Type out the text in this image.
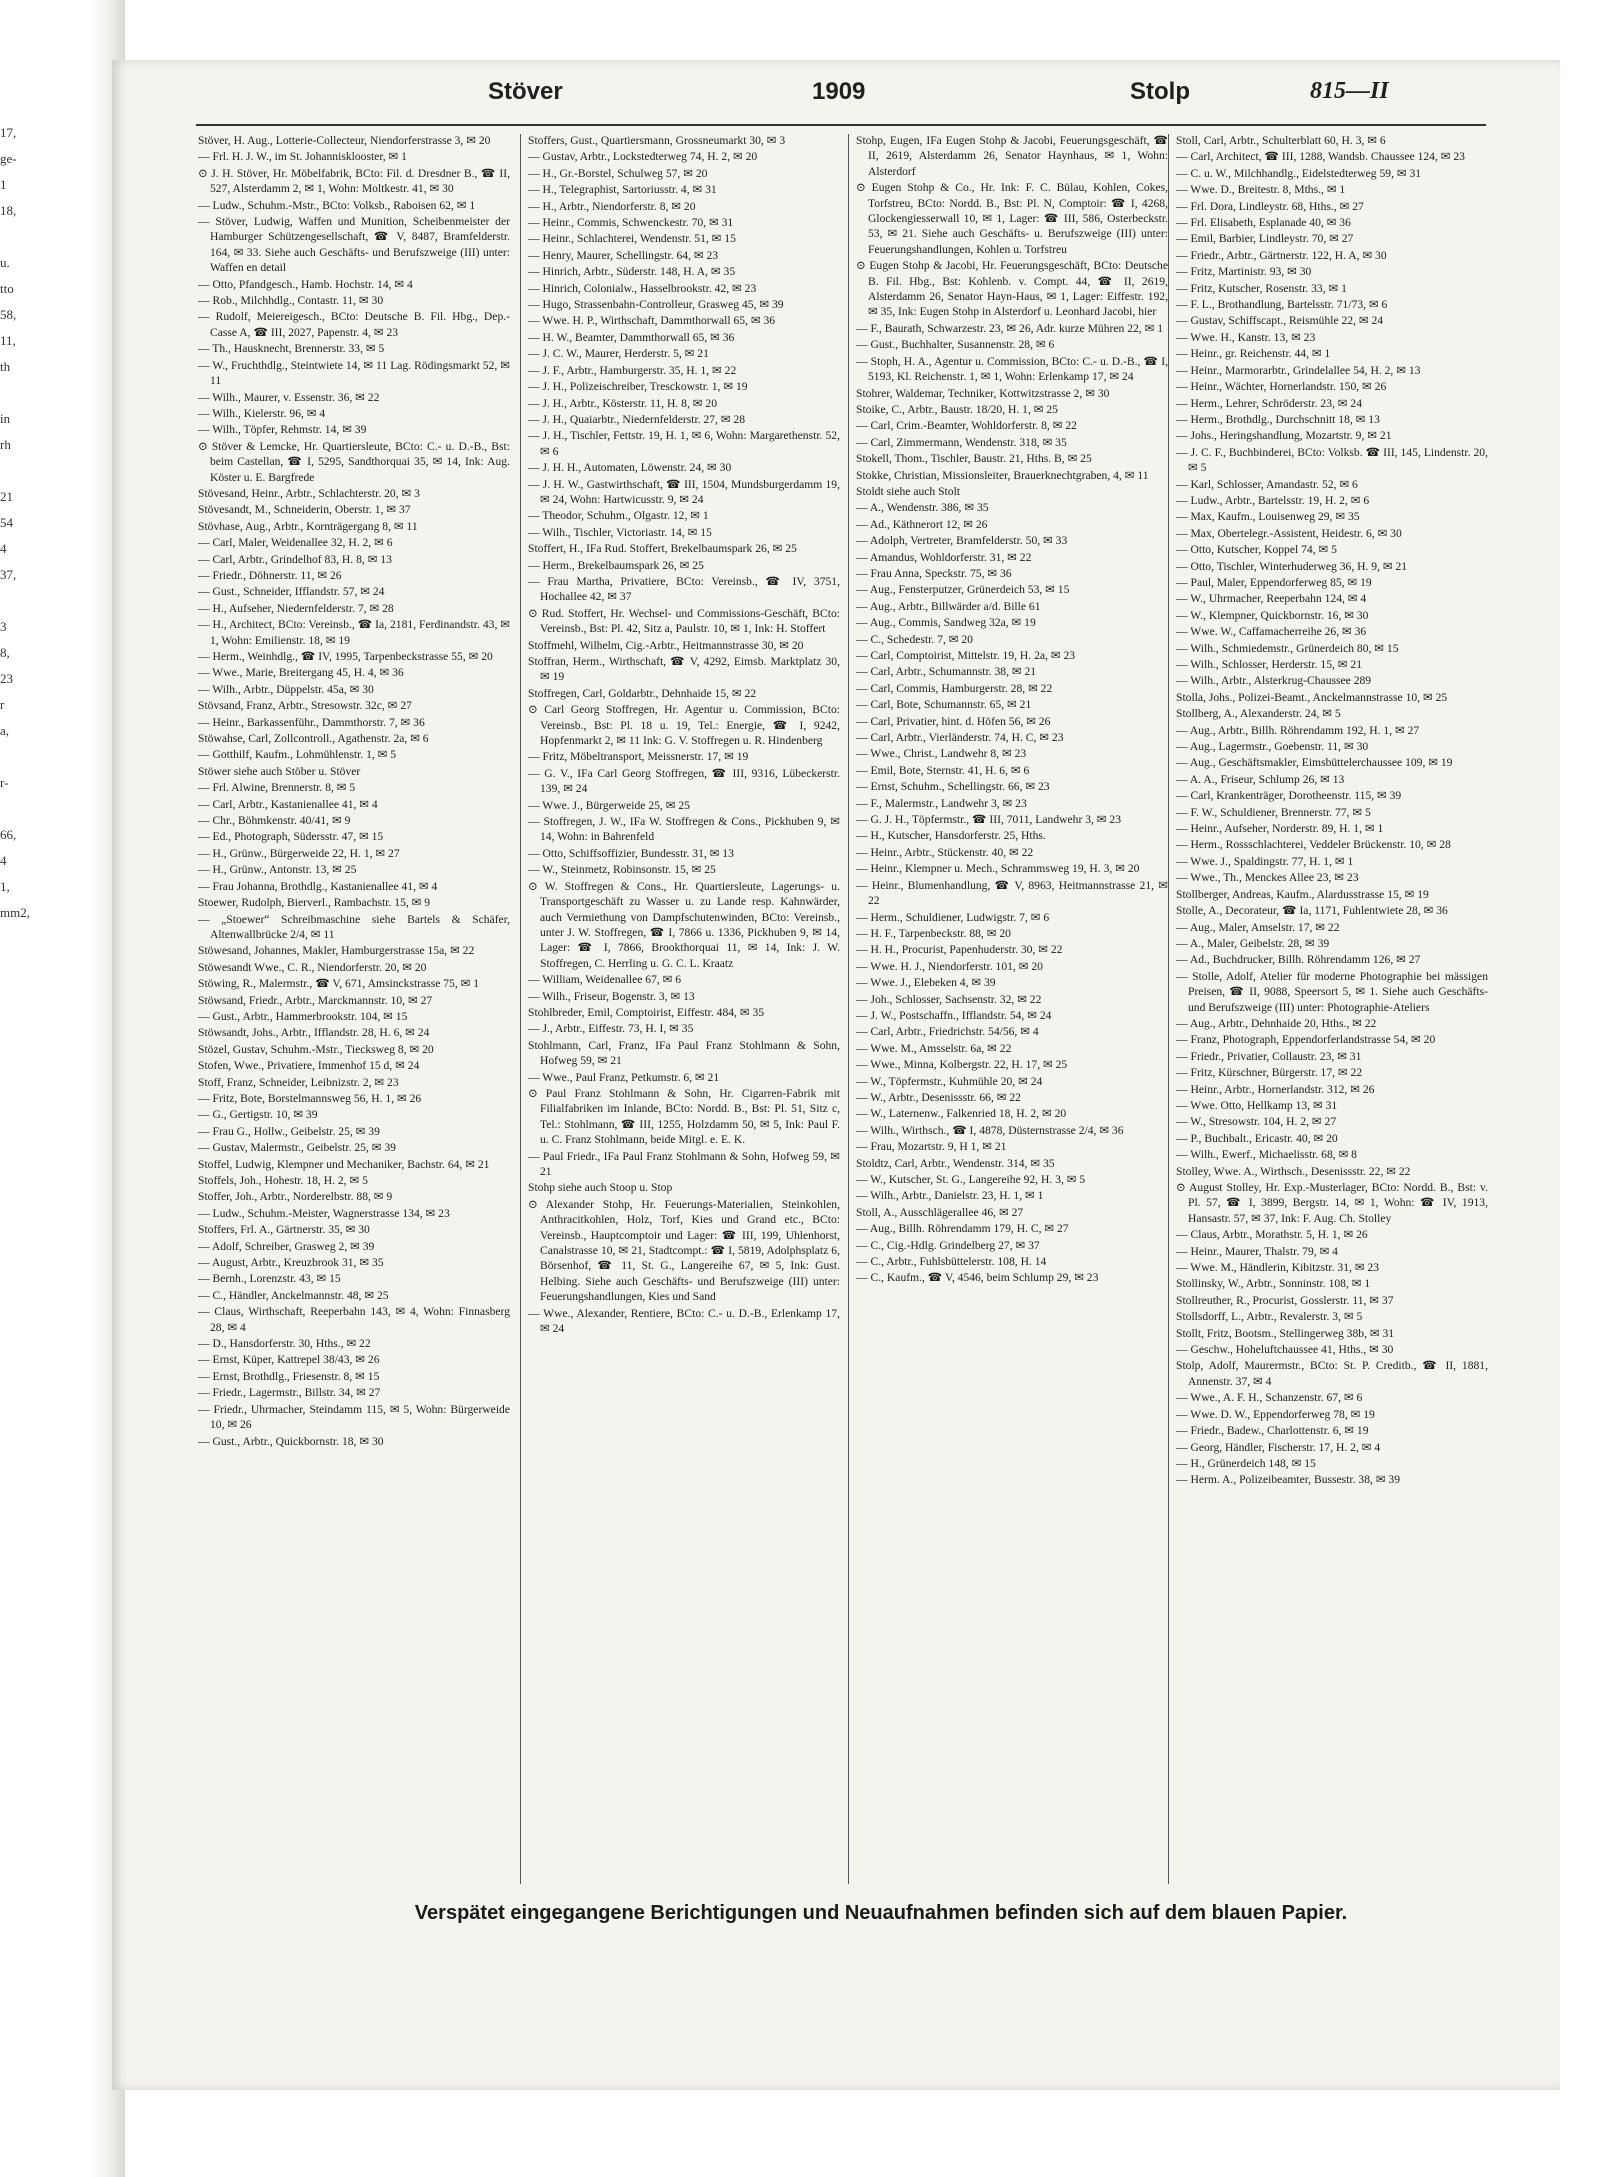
17,
ge-
1
18,
u.
tto
58,
11,
th
in
rh
21
54
4
37,
3
8,
23
r
a,
r-
66,
4
1,
mm2,
Stöver	1909	Stolp	815—II
Stöver, H. Aug., Lotterie-Collecteur, Niendorferstrasse 3, ✉ 20
— Frl. H. J. W., im St. Johannisklooster, ✉ 1
⊙ J. H. Stöver, Hr. Möbelfabrik, BCto: Fil. d. Dresdner B., ☎ II, 527, Alsterdamm 2, ✉ 1, Wohn: Moltkestr. 41, ✉ 30
— Ludw., Schuhm.-Mstr., BCto: Volksb., Raboisen 62, ✉ 1
— Stöver, Ludwig, Waffen und Munition, Scheibenmeister der Hamburger Schützengesellschaft, ☎ V, 8487, Bramfelderstr. 164, ✉ 33. Siehe auch Geschäfts- und Berufszweige (III) unter: Waffen en detail
— Otto, Pfandgesch., Hamb. Hochstr. 14, ✉ 4
— Rob., Milchhdlg., Contastr. 11, ✉ 30
— Rudolf, Meiereigesch., BCto: Deutsche B. Fil. Hbg., Dep.-Casse A, ☎ III, 2027, Papenstr. 4, ✉ 23
— Th., Hausknecht, Brennerstr. 33, ✉ 5
— W., Fruchthdlg., Steintwiete 14, ✉ 11 Lag. Rödingsmarkt 52, ✉ 11
— Wilh., Maurer, v. Essenstr. 36, ✉ 22
— Wilh., Kielerstr. 96, ✉ 4
— Wilh., Töpfer, Rehmstr. 14, ✉ 39
⊙ Stöver & Lemcke, Hr. Quartiersleute, BCto: C.- u. D.-B., Bst: beim Castellan, ☎ I, 5295, Sandthorquai 35, ✉ 14, Ink: Aug. Köster u. E. Bargfrede
Stövesand, Heinr., Arbtr., Schlachterstr. 20, ✉ 3
Stövesandt, M., Schneiderin, Oberstr. 1, ✉ 37
Stövhase, Aug., Arbtr., Kornträgergang 8, ✉ 11
— Carl, Maler, Weidenallee 32, H. 2, ✉ 6
— Carl, Arbtr., Grindelhof 83, H. 8, ✉ 13
— Friedr., Döhnerstr. 11, ✉ 26
— Gust., Schneider, Ifflandstr. 57, ✉ 24
— H., Aufseher, Niedernfelderstr. 7, ✉ 28
— H., Architect, BCto: Vereinsb., ☎ Ia, 2181, Ferdinandstr. 43, ✉ 1, Wohn: Emilienstr. 18, ✉ 19
— Herm., Weinhdlg., ☎ IV, 1995, Tarpenbeckstrasse 55, ✉ 20
— Wwe., Marie, Breitergang 45, H. 4, ✉ 36
— Wilh., Arbtr., Düppelstr. 45a, ✉ 30
Stövsand, Franz, Arbtr., Stresowstr. 32c, ✉ 27
— Heinr., Barkassenführ., Dammthorstr. 7, ✉ 36
Stöwahse, Carl, Zollcontroll., Agathenstr. 2a, ✉ 6
— Gotthilf, Kaufm., Lohmühlenstr. 1, ✉ 5
Stöwer siehe auch Stöber u. Stöver
— Frl. Alwine, Brennerstr. 8, ✉ 5
— Carl, Arbtr., Kastanienallee 41, ✉ 4
— Chr., Böhmkenstr. 40/41, ✉ 9
— Ed., Photograph, Südersstr. 47, ✉ 15
— H., Grünw., Bürgerweide 22, H. 1, ✉ 27
— H., Grünw., Antonstr. 13, ✉ 25
— Frau Johanna, Brothdlg., Kastanienallee 41, ✉ 4
Stoewer, Rudolph, Bierverl., Rambachstr. 15, ✉ 9
— „Stoewer“ Schreibmaschine siehe Bartels & Schäfer, Altenwallbrücke 2/4, ✉ 11
Stöwesand, Johannes, Makler, Hamburgerstrasse 15a, ✉ 22
Stöwesandt Wwe., C. R., Niendorferstr. 20, ✉ 20
Stöwing, R., Malermstr., ☎ V, 671, Amsinckstrasse 75, ✉ 1
Stöwsand, Friedr., Arbtr., Marckmannstr. 10, ✉ 27
— Gust., Arbtr., Hammerbrookstr. 104, ✉ 15
Stöwsandt, Johs., Arbtr., Ifflandstr. 28, H. 6, ✉ 24
Stözel, Gustav, Schuhm.-Mstr., Tiecksweg 8, ✉ 20
Stofen, Wwe., Privatiere, Immenhof 15 d, ✉ 24
Stoff, Franz, Schneider, Leibnizstr. 2, ✉ 23
— Fritz, Bote, Borstelmannsweg 56, H. 1, ✉ 26
— G., Gertigstr. 10, ✉ 39
— Frau G., Hollw., Geibelstr. 25, ✉ 39
— Gustav, Malermstr., Geibelstr. 25, ✉ 39
Stoffel, Ludwig, Klempner und Mechaniker, Bachstr. 64, ✉ 21
Stoffels, Joh., Hohestr. 18, H. 2, ✉ 5
Stoffer, Joh., Arbtr., Norderelbstr. 88, ✉ 9
— Ludw., Schuhm.-Meister, Wagnerstrasse 134, ✉ 23
Stoffers, Frl. A., Gärtnerstr. 35, ✉ 30
— Adolf, Schreiber, Grasweg 2, ✉ 39
— August, Arbtr., Kreuzbrook 31, ✉ 35
— Bernh., Lorenzstr. 43, ✉ 15
— C., Händler, Anckelmannstr. 48, ✉ 25
— Claus, Wirthschaft, Reeperbahn 143, ✉ 4, Wohn: Finnasberg 28, ✉ 4
— D., Hansdorferstr. 30, Hths., ✉ 22
— Ernst, Küper, Kattrepel 38/43, ✉ 26
— Ernst, Brothdlg., Friesenstr. 8, ✉ 15
— Friedr., Lagermstr., Billstr. 34, ✉ 27
— Friedr., Uhrmacher, Steindamm 115, ✉ 5, Wohn: Bürgerweide 10, ✉ 26
— Gust., Arbtr., Quickbornstr. 18, ✉ 30
Stoffers, Gust., Quartiersmann, Grossneumarkt 30, ✉ 3
— Gustav, Arbtr., Lockstedterweg 74, H. 2, ✉ 20
— H., Gr.-Borstel, Schulweg 57, ✉ 20
— H., Telegraphist, Sartoriusstr. 4, ✉ 31
— H., Arbtr., Niendorferstr. 8, ✉ 20
— Heinr., Commis, Schwenckestr. 70, ✉ 31
— Heinr., Schlachterei, Wendenstr. 51, ✉ 15
— Henry, Maurer, Schellingstr. 64, ✉ 23
— Hinrich, Arbtr., Süderstr. 148, H. A, ✉ 35
— Hinrich, Colonialw., Hasselbrookstr. 42, ✉ 23
— Hugo, Strassenbahn-Controlleur, Grasweg 45, ✉ 39
— Wwe. H. P., Wirthschaft, Dammthorwall 65, ✉ 36
— H. W., Beamter, Dammthorwall 65, ✉ 36
— J. C. W., Maurer, Herderstr. 5, ✉ 21
— J. F., Arbtr., Hamburgerstr. 35, H. 1, ✉ 22
— J. H., Polizeischreiber, Tresckowstr. 1, ✉ 19
— J. H., Arbtr., Kösterstr. 11, H. 8, ✉ 20
— J. H., Quaiarbtr., Niedernfelderstr. 27, ✉ 28
— J. H., Tischler, Fettstr. 19, H. 1, ✉ 6, Wohn: Margarethenstr. 52, ✉ 6
— J. H. H., Automaten, Löwenstr. 24, ✉ 30
— J. H. W., Gastwirthschaft, ☎ III, 1504, Mundsburgerdamm 19, ✉ 24, Wohn: Hartwicusstr. 9, ✉ 24
— Theodor, Schuhm., Olgastr. 12, ✉ 1
— Wilh., Tischler, Victoriastr. 14, ✉ 15
Stoffert, H., IFa Rud. Stoffert, Brekelbaumspark 26, ✉ 25
— Herm., Brekelbaumspark 26, ✉ 25
— Frau Martha, Privatiere, BCto: Vereinsb., ☎ IV, 3751, Hochallee 42, ✉ 37
⊙ Rud. Stoffert, Hr. Wechsel- und Commissions-Geschäft, BCto: Vereinsb., Bst: Pl. 42, Sitz a, Paulstr. 10, ✉ 1, Ink: H. Stoffert
Stoffmehl, Wilhelm, Cig.-Arbtr., Heitmannstrasse 30, ✉ 20
Stoffran, Herm., Wirthschaft, ☎ V, 4292, Eimsb. Marktplatz 30, ✉ 19
Stoffregen, Carl, Goldarbtr., Dehnhaide 15, ✉ 22
⊙ Carl Georg Stoffregen, Hr. Agentur u. Commission, BCto: Vereinsb., Bst: Pl. 18 u. 19, Tel.: Energie, ☎ I, 9242, Hopfenmarkt 2, ✉ 11 Ink: G. V. Stoffregen u. R. Hindenberg
— Fritz, Möbeltransport, Meissnerstr. 17, ✉ 19
— G. V., IFa Carl Georg Stoffregen, ☎ III, 9316, Lübeckerstr. 139, ✉ 24
— Wwe. J., Bürgerweide 25, ✉ 25
— Stoffregen, J. W., IFa W. Stoffregen & Cons., Pickhuben 9, ✉ 14, Wohn: in Bahrenfeld
— Otto, Schiffsoffizier, Bundesstr. 31, ✉ 13
— W., Steinmetz, Robinsonstr. 15, ✉ 25
⊙ W. Stoffregen & Cons., Hr. Quartiersleute, Lagerungs- u. Transportgeschäft zu Wasser u. zu Lande resp. Kahnwärder, auch Vermiethung von Dampfschutenwinden, BCto: Vereinsb., unter J. W. Stoffregen, ☎ I, 7866 u. 1336, Pickhuben 9, ✉ 14, Lager: ☎ I, 7866, Brookthorquai 11, ✉ 14, Ink: J. W. Stoffregen, C. Herrling u. G. C. L. Kraatz
— William, Weidenallee 67, ✉ 6
— Wilh., Friseur, Bogenstr. 3, ✉ 13
Stohlbreder, Emil, Comptoirist, Eiffestr. 484, ✉ 35
— J., Arbtr., Eiffestr. 73, H. I, ✉ 35
Stohlmann, Carl, Franz, IFa Paul Franz Stohlmann & Sohn, Hofweg 59, ✉ 21
— Wwe., Paul Franz, Petkumstr. 6, ✉ 21
⊙ Paul Franz Stohlmann & Sohn, Hr. Cigarren-Fabrik mit Filialfabriken im Inlande, BCto: Nordd. B., Bst: Pl. 51, Sitz c, Tel.: Stohlmann, ☎ III, 1255, Holzdamm 50, ✉ 5, Ink: Paul F. u. C. Franz Stohlmann, beide Mitgl. e. E. K.
— Paul Friedr., IFa Paul Franz Stohlmann & Sohn, Hofweg 59, ✉ 21
Stohp siehe auch Stoop u. Stop
⊙ Alexander Stohp, Hr. Feuerungs-Materialien, Steinkohlen, Anthracitkohlen, Holz, Torf, Kies und Grand etc., BCto: Vereinsb., Hauptcomptoir und Lager: ☎ III, 199, Uhlenhorst, Canalstrasse 10, ✉ 21, Stadtcompt.: ☎ I, 5819, Adolphsplatz 6, Börsenhof, ☎ 11, St. G., Langereihe 67, ✉ 5, Ink: Gust. Helbing. Siehe auch Geschäfts- und Berufszweige (III) unter: Feuerungshandlungen, Kies und Sand
— Wwe., Alexander, Rentiere, BCto: C.- u. D.-B., Erlenkamp 17, ✉ 24
Stohp, Eugen, IFa Eugen Stohp & Jacobi, Feuerungsgeschäft, ☎ II, 2619, Alsterdamm 26, Senator Haynhaus, ✉ 1, Wohn: Alsterdorf
⊙ Eugen Stohp & Co., Hr. Ink: F. C. Bülau, Kohlen, Cokes, Torfstreu, BCto: Nordd. B., Bst: Pl. N, Comptoir: ☎ I, 4268, Glockengiesserwall 10, ✉ 1, Lager: ☎ III, 586, Osterbeckstr. 53, ✉ 21. Siehe auch Geschäfts- u. Berufszweige (III) unter: Feuerungshandlungen, Kohlen u. Torfstreu
⊙ Eugen Stohp & Jacobi, Hr. Feuerungsgeschäft, BCto: Deutsche B. Fil. Hbg., Bst: Kohlenb. v. Compt. 44, ☎ II, 2619, Alsterdamm 26, Senator Hayn-Haus, ✉ 1, Lager: Eiffestr. 192, ✉ 35, Ink: Eugen Stohp in Alsterdorf u. Leonhard Jacobi, hier
— F., Baurath, Schwarzestr. 23, ✉ 26, Adr. kurze Mühren 22, ✉ 1
— Gust., Buchhalter, Susannenstr. 28, ✉ 6
— Stoph, H. A., Agentur u. Commission, BCto: C.- u. D.-B., ☎ I, 5193, Kl. Reichenstr. 1, ✉ 1, Wohn: Erlenkamp 17, ✉ 24
Stohrer, Waldemar, Techniker, Kottwitzstrasse 2, ✉ 30
Stoike, C., Arbtr., Baustr. 18/20, H. 1, ✉ 25
— Carl, Crim.-Beamter, Wohldorferstr. 8, ✉ 22
— Carl, Zimmermann, Wendenstr. 318, ✉ 35
Stokell, Thom., Tischler, Baustr. 21, Hths. B, ✉ 25
Stokke, Christian, Missionsleiter, Brauerknechtgraben, 4, ✉ 11
Stoldt siehe auch Stolt
— A., Wendenstr. 386, ✉ 35
— Ad., Käthnerort 12, ✉ 26
— Adolph, Vertreter, Bramfelderstr. 50, ✉ 33
— Amandus, Wohldorferstr. 31, ✉ 22
— Frau Anna, Speckstr. 75, ✉ 36
— Aug., Fensterputzer, Grünerdeich 53, ✉ 15
— Aug., Arbtr., Billwärder a/d. Bille 61
— Aug., Commis, Sandweg 32a, ✉ 19
— C., Schedestr. 7, ✉ 20
— Carl, Comptoirist, Mittelstr. 19, H. 2a, ✉ 23
— Carl, Arbtr., Schumannstr. 38, ✉ 21
— Carl, Commis, Hamburgerstr. 28, ✉ 22
— Carl, Bote, Schumannstr. 65, ✉ 21
— Carl, Privatier, hint. d. Höfen 56, ✉ 26
— Carl, Arbtr., Vierländerstr. 74, H. C, ✉ 23
— Wwe., Christ., Landwehr 8, ✉ 23
— Emil, Bote, Sternstr. 41, H. 6, ✉ 6
— Ernst, Schuhm., Schellingstr. 66, ✉ 23
— F., Malermstr., Landwehr 3, ✉ 23
— G. J. H., Töpfermstr., ☎ III, 7011, Landwehr 3, ✉ 23
— H., Kutscher, Hansdorferstr. 25, Hths.
— Heinr., Arbtr., Stückenstr. 40, ✉ 22
— Heinr., Klempner u. Mech., Schrammsweg 19, H. 3, ✉ 20
— Heinr., Blumenhandlung, ☎ V, 8963, Heitmannstrasse 21, ✉ 22
— Herm., Schuldiener, Ludwigstr. 7, ✉ 6
— H. F., Tarpenbeckstr. 88, ✉ 20
— H. H., Procurist, Papenhuderstr. 30, ✉ 22
— Wwe. H. J., Niendorferstr. 101, ✉ 20
— Wwe. J., Elebeken 4, ✉ 39
— Joh., Schlosser, Sachsenstr. 32, ✉ 22
— J. W., Postschaffn., Ifflandstr. 54, ✉ 24
— Carl, Arbtr., Friedrichstr. 54/56, ✉ 4
— Wwe. M., Amsselstr. 6a, ✉ 22
— Wwe., Minna, Kolbergstr. 22, H. 17, ✉ 25
— W., Töpfermstr., Kuhmühle 20, ✉ 24
— W., Arbtr., Desenissstr. 66, ✉ 22
— W., Laternenw., Falkenried 18, H. 2, ✉ 20
— Wilh., Wirthsch., ☎ I, 4878, Düsternstrasse 2/4, ✉ 36
— Frau, Mozartstr. 9, H 1, ✉ 21
Stoldtz, Carl, Arbtr., Wendenstr. 314, ✉ 35
— W., Kutscher, St. G., Langereihe 92, H. 3, ✉ 5
— Wilh., Arbtr., Danielstr. 23, H. 1, ✉ 1
Stoll, A., Ausschlägerallee 46, ✉ 27
— Aug., Billh. Röhrendamm 179, H. C, ✉ 27
— C., Cig.-Hdlg. Grindelberg 27, ✉ 37
— C., Arbtr., Fuhlsbüttelerstr. 108, H. 14
— C., Kaufm., ☎ V, 4546, beim Schlump 29, ✉ 23
Stoll, Carl, Arbtr., Schulterblatt 60, H. 3, ✉ 6
— Carl, Architect, ☎ III, 1288, Wandsb. Chaussee 124, ✉ 23
— C. u. W., Milchhandlg., Eidelstedterweg 59, ✉ 31
— Wwe. D., Breitestr. 8, Mths., ✉ 1
— Frl. Dora, Lindleystr. 68, Hths., ✉ 27
— Frl. Elisabeth, Esplanade 40, ✉ 36
— Emil, Barbier, Lindleystr. 70, ✉ 27
— Friedr., Arbtr., Gärtnerstr. 122, H. A, ✉ 30
— Fritz, Martinistr. 93, ✉ 30
— Fritz, Kutscher, Rosenstr. 33, ✉ 1
— F. L., Brothandlung, Bartelsstr. 71/73, ✉ 6
— Gustav, Schiffscapt., Reismühle 22, ✉ 24
— Wwe. H., Kanstr. 13, ✉ 23
— Heinr., gr. Reichenstr. 44, ✉ 1
— Heinr., Marmorarbtr., Grindelallee 54, H. 2, ✉ 13
— Heinr., Wächter, Hornerlandstr. 150, ✉ 26
— Herm., Lehrer, Schröderstr. 23, ✉ 24
— Herm., Brothdlg., Durchschnitt 18, ✉ 13
— Johs., Heringshandlung, Mozartstr. 9, ✉ 21
— J. C. F., Buchbinderei, BCto: Volksb. ☎ III, 145, Lindenstr. 20, ✉ 5
— Karl, Schlosser, Amandastr. 52, ✉ 6
— Ludw., Arbtr., Bartelsstr. 19, H. 2, ✉ 6
— Max, Kaufm., Louisenweg 29, ✉ 35
— Max, Obertelegr.-Assistent, Heidestr. 6, ✉ 30
— Otto, Kutscher, Koppel 74, ✉ 5
— Otto, Tischler, Winterhuderweg 36, H. 9, ✉ 21
— Paul, Maler, Eppendorferweg 85, ✉ 19
— W., Uhrmacher, Reeperbahn 124, ✉ 4
— W., Klempner, Quickbornstr. 16, ✉ 30
— Wwe. W., Caffamacherreihe 26, ✉ 36
— Wilh., Schmiedemstr., Grünerdeich 80, ✉ 15
— Wilh., Schlosser, Herderstr. 15, ✉ 21
— Wilh., Arbtr., Alsterkrug-Chaussee 289
Stolla, Johs., Polizei-Beamt., Anckelmannstrasse 10, ✉ 25
Stollberg, A., Alexanderstr. 24, ✉ 5
— Aug., Arbtr., Billh. Röhrendamm 192, H. 1, ✉ 27
— Aug., Lagermstr., Goebenstr. 11, ✉ 30
— Aug., Geschäftsmakler, Eimsbüttelerchaussee 109, ✉ 19
— A. A., Friseur, Schlump 26, ✉ 13
— Carl, Krankenträger, Dorotheenstr. 115, ✉ 39
— F. W., Schuldiener, Brennerstr. 77, ✉ 5
— Heinr., Aufseher, Norderstr. 89, H. 1, ✉ 1
— Herm., Rossschlachterei, Veddeler Brückenstr. 10, ✉ 28
— Wwe. J., Spaldingstr. 77, H. 1, ✉ 1
— Wwe., Th., Menckes Allee 23, ✉ 23
Stollberger, Andreas, Kaufm., Alardusstrasse 15, ✉ 19
Stolle, A., Decorateur, ☎ Ia, 1171, Fuhlentwiete 28, ✉ 36
— Aug., Maler, Amselstr. 17, ✉ 22
— A., Maler, Geibelstr. 28, ✉ 39
— Ad., Buchdrucker, Billh. Röhrendamm 126, ✉ 27
— Stolle, Adolf, Atelier für moderne Photographie bei mässigen Preisen, ☎ II, 9088, Speersort 5, ✉ 1. Siehe auch Geschäfts- und Berufszweige (III) unter: Photographie-Ateliers
— Aug., Arbtr., Dehnhaide 20, Hths., ✉ 22
— Franz, Photograph, Eppendorferlandstrasse 54, ✉ 20
— Friedr., Privatier, Collaustr. 23, ✉ 31
— Fritz, Kürschner, Bürgerstr. 17, ✉ 22
— Heinr., Arbtr., Hornerlandstr. 312, ✉ 26
— Wwe. Otto, Hellkamp 13, ✉ 31
— W., Stresowstr. 104, H. 2, ✉ 27
— P., Buchbalt., Ericastr. 40, ✉ 20
— Wilh., Ewerf., Michaelisstr. 68, ✉ 8
Stolley, Wwe. A., Wirthsch., Desenissstr. 22, ✉ 22
⊙ August Stolley, Hr. Exp.-Musterlager, BCto: Nordd. B., Bst: v. Pl. 57, ☎ I, 3899, Bergstr. 14, ✉ 1, Wohn: ☎ IV, 1913, Hansastr. 57, ✉ 37, Ink: F. Aug. Ch. Stolley
— Claus, Arbtr., Morathstr. 5, H. 1, ✉ 26
— Heinr., Maurer, Thalstr. 79, ✉ 4
— Wwe. M., Händlerin, Kibitzstr. 31, ✉ 23
Stollinsky, W., Arbtr., Sonninstr. 108, ✉ 1
Stollreuther, R., Procurist, Gosslerstr. 11, ✉ 37
Stollsdorff, L., Arbtr., Revalerstr. 3, ✉ 5
Stollt, Fritz, Bootsm., Stellingerweg 38b, ✉ 31
— Geschw., Hoheluftchaussee 41, Hths., ✉ 30
Stolp, Adolf, Maurermstr., BCto: St. P. Creditb., ☎ II, 1881, Annenstr. 37, ✉ 4
— Wwe., A. F. H., Schanzenstr. 67, ✉ 6
— Wwe. D. W., Eppendorferweg 78, ✉ 19
— Friedr., Badew., Charlottenstr. 6, ✉ 19
— Georg, Händler, Fischerstr. 17, H. 2, ✉ 4
— H., Grünerdeich 148, ✉ 15
— Herm. A., Polizeibeamter, Bussestr. 38, ✉ 39
Verspätet eingegangene Berichtigungen und Neuaufnahmen befinden sich auf dem blauen Papier.
